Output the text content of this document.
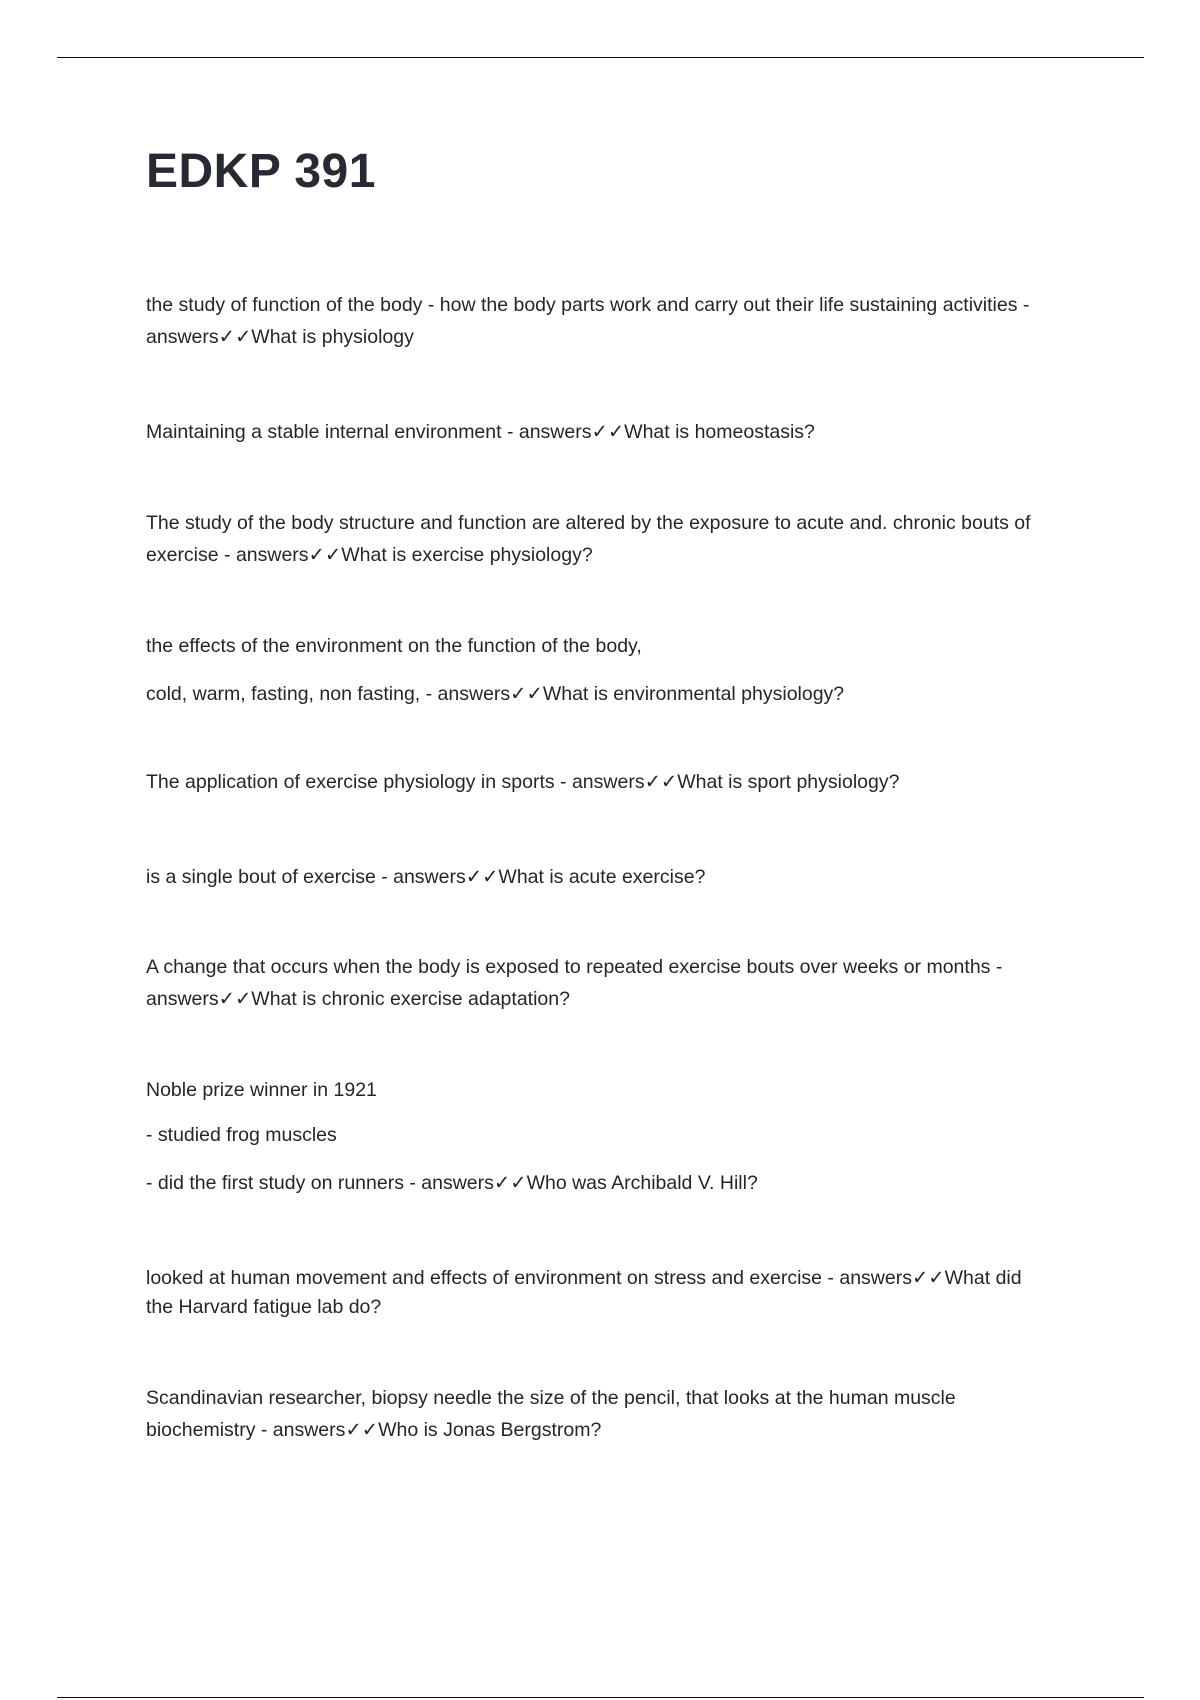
EDKP 391
the study of function of the body - how the body parts work and carry out their life sustaining activities -
answers✓✓What is physiology
Maintaining a stable internal environment - answers✓✓What is homeostasis?
The study of the body structure and function are altered by the exposure to acute and. chronic bouts of
exercise - answers✓✓What is exercise physiology?
the effects of the environment on the function of the body,
cold, warm, fasting, non fasting, - answers✓✓What is environmental physiology?
The application of exercise physiology in sports - answers✓✓What is sport physiology?
is a single bout of exercise - answers✓✓What is acute exercise?
A change that occurs when the body is exposed to repeated exercise bouts over weeks or months -
answers✓✓What is chronic exercise adaptation?
Noble prize winner in 1921
- studied frog muscles
- did the first study on runners - answers✓✓Who was Archibald V. Hill?
looked at human movement and effects of environment on stress and exercise - answers✓✓What did
the Harvard fatigue lab do?
Scandinavian researcher, biopsy needle the size of the pencil, that looks at the human muscle
biochemistry - answers✓✓Who is Jonas Bergstrom?
